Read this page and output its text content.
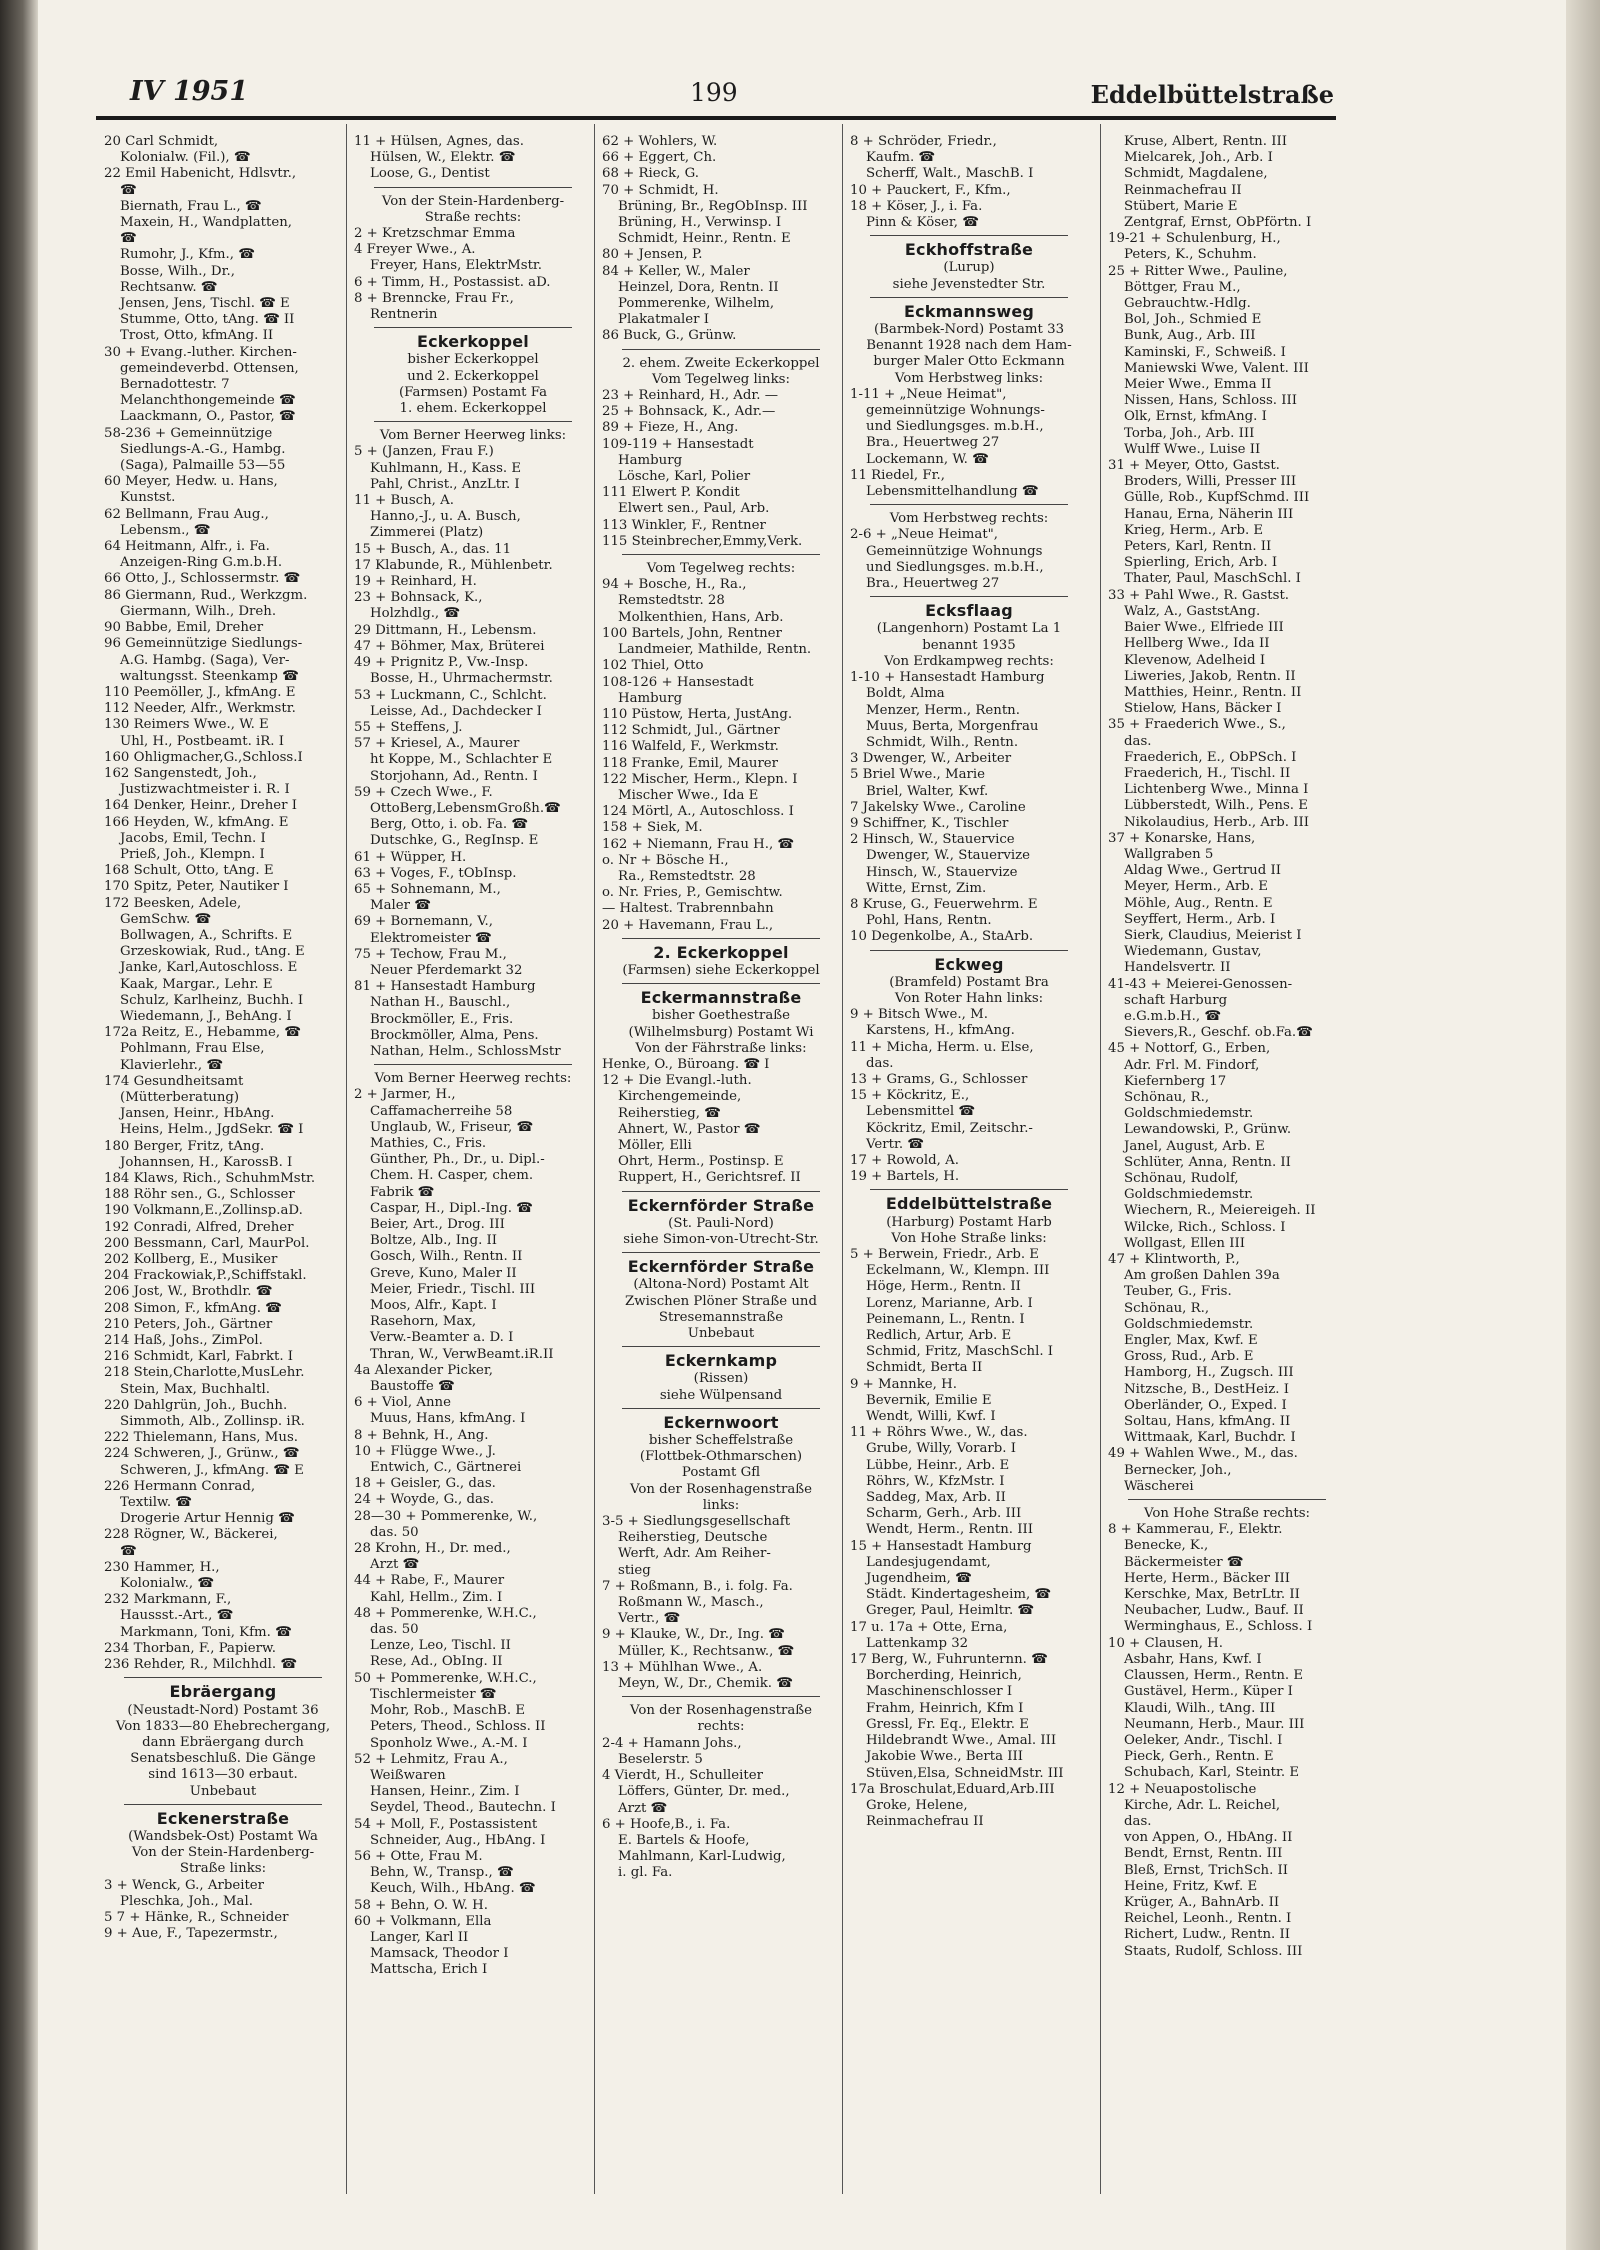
IV 1951	199	Eddelbüttelstraße
20 Carl Schmidt,
Kolonialw. (Fil.), ☎
22 Emil Habenicht, Hdlsvtr.,
☎
Biernath, Frau L., ☎
Maxein, H., Wandplatten,
☎
Rumohr, J., Kfm., ☎
Bosse, Wilh., Dr.,
Rechtsanw. ☎
Jensen, Jens, Tischl. ☎ E
Stumme, Otto, tAng. ☎ II
Trost, Otto, kfmAng. II
30 + Evang.-luther. Kirchen-
gemeindeverbd. Ottensen,
Bernadottestr. 7
Melanchthongemeinde ☎
Laackmann, O., Pastor, ☎
58-236 + Gemeinnützige
Siedlungs-A.-G., Hambg.
(Saga), Palmaille 53—55
60 Meyer, Hedw. u. Hans,
Kunstst.
62 Bellmann, Frau Aug.,
Lebensm., ☎
64 Heitmann, Alfr., i. Fa.
Anzeigen-Ring G.m.b.H.
66 Otto, J., Schlossermstr. ☎
86 Giermann, Rud., Werkzgm.
Giermann, Wilh., Dreh.
90 Babbe, Emil, Dreher
96 Gemeinnützige Siedlungs-
A.G. Hambg. (Saga), Ver-
waltungsst. Steenkamp ☎
110 Peemöller, J., kfmAng. E
112 Needer, Alfr., Werkmstr.
130 Reimers Wwe., W. E
Uhl, H., Postbeamt. iR. I
160 Ohligmacher,G.,Schloss.I
162 Sangenstedt, Joh.,
Justizwachtmeister i. R. I
164 Denker, Heinr., Dreher I
166 Heyden, W., kfmAng. E
Jacobs, Emil, Techn. I
Prieß, Joh., Klempn. I
168 Schult, Otto, tAng. E
170 Spitz, Peter, Nautiker I
172 Beesken, Adele,
GemSchw. ☎
Bollwagen, A., Schrifts. E
Grzeskowiak, Rud., tAng. E
Janke, Karl,Autoschloss. E
Kaak, Margar., Lehr. E
Schulz, Karlheinz, Buchh. I
Wiedemann, J., BehAng. I
172a Reitz, E., Hebamme, ☎
Pohlmann, Frau Else,
Klavierlehr., ☎
174 Gesundheitsamt
(Mütterberatung)
Jansen, Heinr., HbAng.
Heins, Helm., JgdSekr. ☎ I
180 Berger, Fritz, tAng.
Johannsen, H., KarossB. I
184 Klaws, Rich., SchuhmMstr.
188 Röhr sen., G., Schlosser
190 Volkmann,E.,Zollinsp.aD.
192 Conradi, Alfred, Dreher
200 Bessmann, Carl, MaurPol.
202 Kollberg, E., Musiker
204 Frackowiak,P.,Schiffstakl.
206 Jost, W., Brothdlr. ☎
208 Simon, F., kfmAng. ☎
210 Peters, Joh., Gärtner
214 Haß, Johs., ZimPol.
216 Schmidt, Karl, Fabrkt. I
218 Stein,Charlotte,MusLehr.
Stein, Max, Buchhaltl.
220 Dahlgrün, Joh., Buchh.
Simmoth, Alb., Zollinsp. iR.
222 Thielemann, Hans, Mus.
224 Schweren, J., Grünw., ☎
Schweren, J., kfmAng. ☎ E
226 Hermann Conrad,
Textilw. ☎
Drogerie Artur Hennig ☎
228 Rögner, W., Bäckerei,
☎
230 Hammer, H.,
Kolonialw., ☎
232 Markmann, F.,
Haussst.-Art., ☎
Markmann, Toni, Kfm. ☎
234 Thorban, F., Papierw.
236 Rehder, R., Milchhdl. ☎
Ebräergang
(Neustadt-Nord) Postamt 36
Von 1833—80 Ehebrechergang,
dann Ebräergang durch
Senatsbeschluß. Die Gänge
sind 1613—30 erbaut.
Unbebaut
Eckenerstraße
(Wandsbek-Ost) Postamt Wa
Von der Stein-Hardenberg-
Straße links:
3 + Wenck, G., Arbeiter
Pleschka, Joh., Mal.
5 7 + Hänke, R., Schneider
9 + Aue, F., Tapezermstr.,
11 + Hülsen, Agnes, das.
Hülsen, W., Elektr. ☎
Loose, G., Dentist
Von der Stein-Hardenberg-
Straße rechts:
2 + Kretzschmar Emma
4 Freyer Wwe., A.
Freyer, Hans, ElektrMstr.
6 + Timm, H., Postassist. aD.
8 + Brenncke, Frau Fr.,
Rentnerin
Eckerkoppel
bisher Eckerkoppel
und 2. Eckerkoppel
(Farmsen) Postamt Fa
1. ehem. Eckerkoppel
Vom Berner Heerweg links:
5 + (Janzen, Frau F.)
Kuhlmann, H., Kass. E
Pahl, Christ., AnzLtr. I
11 + Busch, A.
Hanno,-J., u. A. Busch,
Zimmerei (Platz)
15 + Busch, A., das. 11
17 Klabunde, R., Mühlenbetr.
19 + Reinhard, H.
23 + Bohnsack, K.,
Holzhdlg., ☎
29 Dittmann, H., Lebensm.
47 + Böhmer, Max, Brüterei
49 + Prignitz P., Vw.-Insp.
Bosse, H., Uhrmachermstr.
53 + Luckmann, C., Schlcht.
Leisse, Ad., Dachdecker I
55 + Steffens, J.
57 + Kriesel, A., Maurer
ht Koppe, M., Schlachter E
Storjohann, Ad., Rentn. I
59 + Czech Wwe., F.
OttoBerg,LebensmGroßh.☎
Berg, Otto, i. ob. Fa. ☎
Dutschke, G., RegInsp. E
61 + Wüpper, H.
63 + Voges, F., tObInsp.
65 + Sohnemann, M.,
Maler ☎
69 + Bornemann, V.,
Elektromeister ☎
75 + Techow, Frau M.,
Neuer Pferdemarkt 32
81 + Hansestadt Hamburg
Nathan H., Bauschl.,
Brockmöller, E., Fris.
Brockmöller, Alma, Pens.
Nathan, Helm., SchlossMstr
Vom Berner Heerweg rechts:
2 + Jarmer, H.,
Caffamacherreihe 58
Unglaub, W., Friseur, ☎
Mathies, C., Fris.
Günther, Ph., Dr., u. Dipl.-
Chem. H. Casper, chem.
Fabrik ☎
Caspar, H., Dipl.-Ing. ☎
Beier, Art., Drog. III
Boltze, Alb., Ing. II
Gosch, Wilh., Rentn. II
Greve, Kuno, Maler II
Meier, Friedr., Tischl. III
Moos, Alfr., Kapt. I
Rasehorn, Max,
Verw.-Beamter a. D. I
Thran, W., VerwBeamt.iR.II
4a Alexander Picker,
Baustoffe ☎
6 + Viol, Anne
Muus, Hans, kfmAng. I
8 + Behnk, H., Ang.
10 + Flügge Wwe., J.
Entwich, C., Gärtnerei
18 + Geisler, G., das.
24 + Woyde, G., das.
28—30 + Pommerenke, W.,
das. 50
28 Krohn, H., Dr. med.,
Arzt ☎
44 + Rabe, F., Maurer
Kahl, Hellm., Zim. I
48 + Pommerenke, W.H.C.,
das. 50
Lenze, Leo, Tischl. II
Rese, Ad., ObIng. II
50 + Pommerenke, W.H.C.,
Tischlermeister ☎
Mohr, Rob., MaschB. E
Peters, Theod., Schloss. II
Sponholz Wwe., A.-M. I
52 + Lehmitz, Frau A.,
Weißwaren
Hansen, Heinr., Zim. I
Seydel, Theod., Bautechn. I
54 + Moll, F., Postassistent
Schneider, Aug., HbAng. I
56 + Otte, Frau M.
Behn, W., Transp., ☎
Keuch, Wilh., HbAng. ☎
58 + Behn, O. W. H.
60 + Volkmann, Ella
Langer, Karl II
Mamsack, Theodor I
Mattscha, Erich I
62 + Wohlers, W.
66 + Eggert, Ch.
68 + Rieck, G.
70 + Schmidt, H.
Brüning, Br., RegObInsp. III
Brüning, H., Verwinsp. I
Schmidt, Heinr., Rentn. E
80 + Jensen, P.
84 + Keller, W., Maler
Heinzel, Dora, Rentn. II
Pommerenke, Wilhelm,
Plakatmaler I
86 Buck, G., Grünw.
2. ehem. Zweite Eckerkoppel
Vom Tegelweg links:
23 + Reinhard, H., Adr. —
25 + Bohnsack, K., Adr.—
89 + Fieze, H., Ang.
109-119 + Hansestadt
Hamburg
Lösche, Karl, Polier
111 Elwert P. Kondit
Elwert sen., Paul, Arb.
113 Winkler, F., Rentner
115 Steinbrecher,Emmy,Verk.
Vom Tegelweg rechts:
94 + Bosche, H., Ra.,
Remstedtstr. 28
Molkenthien, Hans, Arb.
100 Bartels, John, Rentner
Landmeier, Mathilde, Rentn.
102 Thiel, Otto
108-126 + Hansestadt
Hamburg
110 Püstow, Herta, JustAng.
112 Schmidt, Jul., Gärtner
116 Walfeld, F., Werkmstr.
118 Franke, Emil, Maurer
122 Mischer, Herm., Klepn. I
Mischer Wwe., Ida E
124 Mörtl, A., Autoschloss. I
158 + Siek, M.
162 + Niemann, Frau H., ☎
o. Nr + Bösche H.,
Ra., Remstedtstr. 28
o. Nr. Fries, P., Gemischtw.
— Haltest. Trabrennbahn
20 + Havemann, Frau L.,
2. Eckerkoppel
(Farmsen) siehe Eckerkoppel
Eckermannstraße
bisher Goethestraße
(Wilhelmsburg) Postamt Wi
Von der Fährstraße links:
Henke, O., Büroang. ☎ I
12 + Die Evangl.-luth.
Kirchengemeinde,
Reiherstieg, ☎
Ahnert, W., Pastor ☎
Möller, Elli
Ohrt, Herm., Postinsp. E
Ruppert, H., Gerichtsref. II
Eckernförder Straße
(St. Pauli-Nord)
siehe Simon-von-Utrecht-Str.
Eckernförder Straße
(Altona-Nord) Postamt Alt
Zwischen Plöner Straße und
Stresemannstraße
Unbebaut
Eckernkamp
(Rissen)
siehe Wülpensand
Eckernwoort
bisher Scheffelstraße
(Flottbek-Othmarschen)
Postamt Gfl
Von der Rosenhagenstraße
links:
3-5 + Siedlungsgesellschaft
Reiherstieg, Deutsche
Werft, Adr. Am Reiher-
stieg
7 + Roßmann, B., i. folg. Fa.
Roßmann W., Masch.,
Vertr., ☎
9 + Klauke, W., Dr., Ing. ☎
Müller, K., Rechtsanw., ☎
13 + Mühlhan Wwe., A.
Meyn, W., Dr., Chemik. ☎
Von der Rosenhagenstraße
rechts:
2-4 + Hamann Johs.,
Beselerstr. 5
4 Vierdt, H., Schulleiter
Löffers, Günter, Dr. med.,
Arzt ☎
6 + Hoofe,B., i. Fa.
E. Bartels & Hoofe,
Mahlmann, Karl-Ludwig,
i. gl. Fa.
8 + Schröder, Friedr.,
Kaufm. ☎
Scherff, Walt., MaschB. I
10 + Pauckert, F., Kfm.,
18 + Köser, J., i. Fa.
Pinn & Köser, ☎
Eckhoffstraße
(Lurup)
siehe Jevenstedter Str.
Eckmannsweg
(Barmbek-Nord) Postamt 33
Benannt 1928 nach dem Ham-
burger Maler Otto Eckmann
Vom Herbstweg links:
1-11 + „Neue Heimat",
gemeinnützige Wohnungs-
und Siedlungsges. m.b.H.,
Bra., Heuertweg 27
Lockemann, W. ☎
11 Riedel, Fr.,
Lebensmittelhandlung ☎
Vom Herbstweg rechts:
2-6 + „Neue Heimat",
Gemeinnützige Wohnungs
und Siedlungsges. m.b.H.,
Bra., Heuertweg 27
Ecksflaag
(Langenhorn) Postamt La 1
benannt 1935
Von Erdkampweg rechts:
1-10 + Hansestadt Hamburg
Boldt, Alma
Menzer, Herm., Rentn.
Muus, Berta, Morgenfrau
Schmidt, Wilh., Rentn.
3 Dwenger, W., Arbeiter
5 Briel Wwe., Marie
Briel, Walter, Kwf.
7 Jakelsky Wwe., Caroline
9 Schiffner, K., Tischler
2 Hinsch, W., Stauervice
Dwenger, W., Stauervize
Hinsch, W., Stauervize
Witte, Ernst, Zim.
8 Kruse, G., Feuerwehrm. E
Pohl, Hans, Rentn.
10 Degenkolbe, A., StaArb.
Eckweg
(Bramfeld) Postamt Bra
Von Roter Hahn links:
9 + Bitsch Wwe., M.
Karstens, H., kfmAng.
11 + Micha, Herm. u. Else,
das.
13 + Grams, G., Schlosser
15 + Köckritz, E.,
Lebensmittel ☎
Köckritz, Emil, Zeitschr.-
Vertr. ☎
17 + Rowold, A.
19 + Bartels, H.
Eddelbüttelstraße
(Harburg) Postamt Harb
Von Hohe Straße links:
5 + Berwein, Friedr., Arb. E
Eckelmann, W., Klempn. III
Höge, Herm., Rentn. II
Lorenz, Marianne, Arb. I
Peinemann, L., Rentn. I
Redlich, Artur, Arb. E
Schmid, Fritz, MaschSchl. I
Schmidt, Berta II
9 + Mannke, H.
Bevernik, Emilie E
Wendt, Willi, Kwf. I
11 + Röhrs Wwe., W., das.
Grube, Willy, Vorarb. I
Lübbe, Heinr., Arb. E
Röhrs, W., KfzMstr. I
Saddeg, Max, Arb. II
Scharm, Gerh., Arb. III
Wendt, Herm., Rentn. III
15 + Hansestadt Hamburg
Landesjugendamt,
Jugendheim, ☎
Städt. Kindertagesheim, ☎
Greger, Paul, Heimltr. ☎
17 u. 17a + Otte, Erna,
Lattenkamp 32
17 Berg, W., Fuhrunternn. ☎
Borcherding, Heinrich,
Maschinenschlosser I
Frahm, Heinrich, Kfm I
Gressl, Fr. Eq., Elektr. E
Hildebrandt Wwe., Amal. III
Jakobie Wwe., Berta III
Stüven,Elsa, SchneidMstr. III
17a Broschulat,Eduard,Arb.III
Groke, Helene,
Reinmachefrau II
Kruse, Albert, Rentn. III
Mielcarek, Joh., Arb. I
Schmidt, Magdalene,
Reinmachefrau II
Stübert, Marie E
Zentgraf, Ernst, ObPförtn. I
19-21 + Schulenburg, H.,
Peters, K., Schuhm.
25 + Ritter Wwe., Pauline,
Böttger, Frau M.,
Gebrauchtw.-Hdlg.
Bol, Joh., Schmied E
Bunk, Aug., Arb. III
Kaminski, F., Schweiß. I
Maniewski Wwe, Valent. III
Meier Wwe., Emma II
Nissen, Hans, Schloss. III
Olk, Ernst, kfmAng. I
Torba, Joh., Arb. III
Wulff Wwe., Luise II
31 + Meyer, Otto, Gastst.
Broders, Willi, Presser III
Gülle, Rob., KupfSchmd. III
Hanau, Erna, Näherin III
Krieg, Herm., Arb. E
Peters, Karl, Rentn. II
Spierling, Erich, Arb. I
Thater, Paul, MaschSchl. I
33 + Pahl Wwe., R. Gastst.
Walz, A., GaststAng.
Baier Wwe., Elfriede III
Hellberg Wwe., Ida II
Klevenow, Adelheid I
Liweries, Jakob, Rentn. II
Matthies, Heinr., Rentn. II
Stielow, Hans, Bäcker I
35 + Fraederich Wwe., S.,
das.
Fraederich, E., ObPSch. I
Fraederich, H., Tischl. II
Lichtenberg Wwe., Minna I
Lübberstedt, Wilh., Pens. E
Nikolaudius, Herb., Arb. III
37 + Konarske, Hans,
Wallgraben 5
Aldag Wwe., Gertrud II
Meyer, Herm., Arb. E
Möhle, Aug., Rentn. E
Seyffert, Herm., Arb. I
Sierk, Claudius, Meierist I
Wiedemann, Gustav,
Handelsvertr. II
41-43 + Meierei-Genossen-
schaft Harburg
e.G.m.b.H., ☎
Sievers,R., Geschf. ob.Fa.☎
45 + Nottorf, G., Erben,
Adr. Frl. M. Findorf,
Kiefernberg 17
Schönau, R.,
Goldschmiedemstr.
Lewandowski, P., Grünw.
Janel, August, Arb. E
Schlüter, Anna, Rentn. II
Schönau, Rudolf,
Goldschmiedemstr.
Wiechern, R., Meiereigeh. II
Wilcke, Rich., Schloss. I
Wollgast, Ellen III
47 + Klintworth, P.,
Am großen Dahlen 39a
Teuber, G., Fris.
Schönau, R.,
Goldschmiedemstr.
Engler, Max, Kwf. E
Gross, Rud., Arb. E
Hamborg, H., Zugsch. III
Nitzsche, B., DestHeiz. I
Oberländer, O., Exped. I
Soltau, Hans, kfmAng. II
Wittmaak, Karl, Buchdr. I
49 + Wahlen Wwe., M., das.
Bernecker, Joh.,
Wäscherei
Von Hohe Straße rechts:
8 + Kammerau, F., Elektr.
Benecke, K.,
Bäckermeister ☎
Herte, Herm., Bäcker III
Kerschke, Max, BetrLtr. II
Neubacher, Ludw., Bauf. II
Werminghaus, E., Schloss. I
10 + Clausen, H.
Asbahr, Hans, Kwf. I
Claussen, Herm., Rentn. E
Gustävel, Herm., Küper I
Klaudi, Wilh., tAng. III
Neumann, Herb., Maur. III
Oeleker, Andr., Tischl. I
Pieck, Gerh., Rentn. E
Schubach, Karl, Steintr. E
12 + Neuapostolische
Kirche, Adr. L. Reichel,
das.
von Appen, O., HbAng. II
Bendt, Ernst, Rentn. III
Bleß, Ernst, TrichSch. II
Heine, Fritz, Kwf. E
Krüger, A., BahnArb. II
Reichel, Leonh., Rentn. I
Richert, Ludw., Rentn. II
Staats, Rudolf, Schloss. III
